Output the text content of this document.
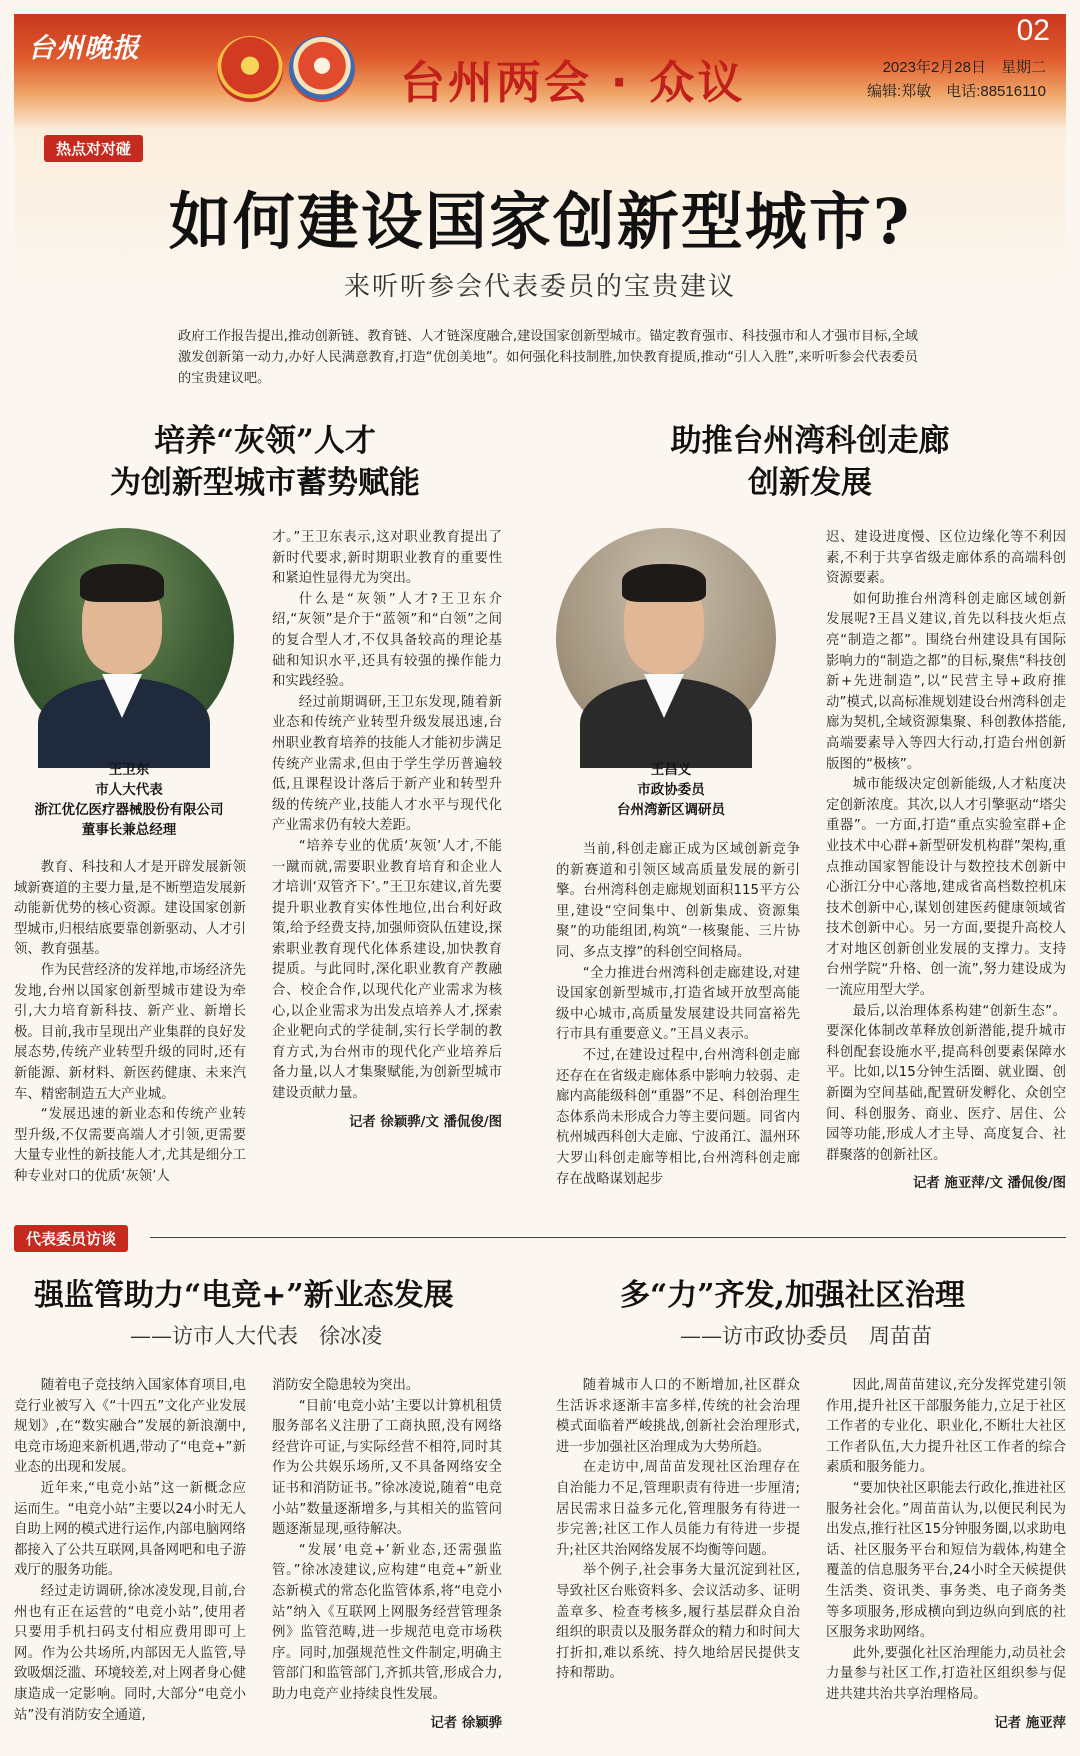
台州晚报
台州两会 · 众议
02
2023年2月28日　星期二
编辑:郑敏　电话:88516110
热点对对碰
如何建设国家创新型城市?
来听听参会代表委员的宝贵建议
政府工作报告提出,推动创新链、教育链、人才链深度融合,建设国家创新型城市。锚定教育强市、科技强市和人才强市目标,全域激发创新第一动力,办好人民满意教育,打造“优创美地”。如何强化科技制胜,加快教育提质,推动“引人入胜”,来听听参会代表委员的宝贵建议吧。
培养“灰领”人才
为创新型城市蓄势赋能
王卫东
市人大代表
浙江优亿医疗器械股份有限公司
董事长兼总经理

教育、科技和人才是开辟发展新领域新赛道的主要力量,是不断塑造发展新动能新优势的核心资源。建设国家创新型城市,归根结底要靠创新驱动、人才引领、教育强基。

作为民营经济的发祥地,市场经济先发地,台州以国家创新型城市建设为牵引,大力培育新科技、新产业、新增长极。目前,我市呈现出产业集群的良好发展态势,传统产业转型升级的同时,还有新能源、新材料、新医药健康、未来汽车、精密制造五大产业城。

“发展迅速的新业态和传统产业转型升级,不仅需要高端人才引领,更需要大量专业性的新技能人才,尤其是细分工种专业对口的优质‘灰领’人

才。”王卫东表示,这对职业教育提出了新时代要求,新时期职业教育的重要性和紧迫性显得尤为突出。

什么是“灰领”人才?王卫东介绍,“灰领”是介于“蓝领”和“白领”之间的复合型人才,不仅具备较高的理论基础和知识水平,还具有较强的操作能力和实践经验。

经过前期调研,王卫东发现,随着新业态和传统产业转型升级发展迅速,台州职业教育培养的技能人才能初步满足传统产业需求,但由于学生学历普遍较低,且课程设计落后于新产业和转型升级的传统产业,技能人才水平与现代化产业需求仍有较大差距。

“培养专业的优质‘灰领’人才,不能一蹴而就,需要职业教育培育和企业人才培训‘双管齐下’。”王卫东建议,首先要提升职业教育实体性地位,出台利好政策,给予经费支持,加强师资队伍建设,探索职业教育现代化体系建设,加快教育提质。与此同时,深化职业教育产教融合、校企合作,以现代化产业需求为核心,以企业需求为出发点培养人才,探索企业靶向式的学徒制,实行长学制的教育方式,为台州市的现代化产业培养后备力量,以人才集聚赋能,为创新型城市建设贡献力量。

记者 徐颖骅/文 潘侃俊/图
助推台州湾科创走廊
创新发展
王昌义
市政协委员
台州湾新区调研员

当前,科创走廊正成为区域创新竞争的新赛道和引领区域高质量发展的新引擎。台州湾科创走廊规划面积115平方公里,建设“空间集中、创新集成、资源集聚”的功能组团,构筑“一核聚能、三片协同、多点支撑”的科创空间格局。

“全力推进台州湾科创走廊建设,对建设国家创新型城市,打造省域开放型高能级中心城市,高质量发展建设共同富裕先行市具有重要意义。”王昌义表示。

不过,在建设过程中,台州湾科创走廊还存在在省级走廊体系中影响力较弱、走廊内高能级科创“重器”不足、科创治理生态体系尚未形成合力等主要问题。同省内杭州城西科创大走廊、宁波甬江、温州环大罗山科创走廊等相比,台州湾科创走廊存在战略谋划起步

迟、建设进度慢、区位边缘化等不利因素,不利于共享省级走廊体系的高端科创资源要素。

如何助推台州湾科创走廊区域创新发展呢?王昌义建议,首先以科技火炬点亮“制造之都”。围绕台州建设具有国际影响力的“制造之都”的目标,聚焦“科技创新+先进制造”,以“民营主导+政府推动”模式,以高标准规划建设台州湾科创走廊为契机,全域资源集聚、科创教体搭能,高端要素导入等四大行动,打造台州创新版图的“极核”。

城市能级决定创新能级,人才粘度决定创新浓度。其次,以人才引擎驱动“塔尖重器”。一方面,打造“重点实验室群+企业技术中心群+新型研发机构群”架构,重点推动国家智能设计与数控技术创新中心浙江分中心落地,建成省高档数控机床技术创新中心,谋划创建医药健康领域省技术创新中心。另一方面,要提升高校人才对地区创新创业发展的支撑力。支持台州学院“升格、创一流”,努力建设成为一流应用型大学。

最后,以治理体系构建“创新生态”。要深化体制改革释放创新潜能,提升城市科创配套设施水平,提高科创要素保障水平。比如,以15分钟生活圈、就业圈、创新圈为空间基础,配置研发孵化、众创空间、科创服务、商业、医疗、居住、公园等功能,形成人才主导、高度复合、社群聚落的创新社区。

记者 施亚萍/文 潘侃俊/图
代表委员访谈
强监管助力“电竞+”新业态发展
——访市人大代表　徐冰凌
多“力”齐发,加强社区治理
——访市政协委员　周苗苗

随着电子竞技纳入国家体育项目,电竞行业被写入《“十四五”文化产业发展规划》,在“数实融合”发展的新浪潮中,电竞市场迎来新机遇,带动了“电竞+”新业态的出现和发展。

近年来,“电竞小站”这一新概念应运而生。“电竞小站”主要以24小时无人自助上网的模式进行运作,内部电脑网络都接入了公共互联网,具备网吧和电子游戏厅的服务功能。

经过走访调研,徐冰凌发现,目前,台州也有正在运营的“电竞小站”,使用者只要用手机扫码支付相应费用即可上网。作为公共场所,内部因无人监管,导致吸烟泛滥、环境较差,对上网者身心健康造成一定影响。同时,大部分“电竞小站”没有消防安全通道,

消防安全隐患较为突出。

“目前‘电竞小站’主要以计算机租赁服务部名义注册了工商执照,没有网络经营许可证,与实际经营不相符,同时其作为公共娱乐场所,又不具备网络安全证书和消防证书。”徐冰凌说,随着“电竞小站”数量逐渐增多,与其相关的监管问题逐渐显现,亟待解决。

“发展‘电竞+’新业态,还需强监管。”徐冰凌建议,应构建“电竞+”新业态新模式的常态化监管体系,将“电竞小站”纳入《互联网上网服务经营管理条例》监管范畴,进一步规范电竞市场秩序。同时,加强规范性文件制定,明确主管部门和监管部门,齐抓共管,形成合力,助力电竞产业持续良性发展。

记者 徐颖骅

随着城市人口的不断增加,社区群众生活诉求逐渐丰富多样,传统的社会治理模式面临着严峻挑战,创新社会治理形式,进一步加强社区治理成为大势所趋。

在走访中,周苗苗发现社区治理存在自治能力不足,管理职责有待进一步厘清;居民需求日益多元化,管理服务有待进一步完善;社区工作人员能力有待进一步提升;社区共治网络发展不均衡等问题。

举个例子,社会事务大量沉淀到社区,导致社区台账资料多、会议活动多、证明盖章多、检查考核多,履行基层群众自治组织的职责以及服务群众的精力和时间大打折扣,难以系统、持久地给居民提供支持和帮助。

因此,周苗苗建议,充分发挥党建引领作用,提升社区干部服务能力,立足于社区工作者的专业化、职业化,不断壮大社区工作者队伍,大力提升社区工作者的综合素质和服务能力。

“要加快社区职能去行政化,推进社区服务社会化。”周苗苗认为,以便民利民为出发点,推行社区15分钟服务圈,以求助电话、社区服务平台和短信为载体,构建全覆盖的信息服务平台,24小时全天候提供生活类、资讯类、事务类、电子商务类等多项服务,形成横向到边纵向到底的社区服务求助网络。

此外,要强化社区治理能力,动员社会力量参与社区工作,打造社区组织参与促进共建共治共享治理格局。

记者 施亚萍
